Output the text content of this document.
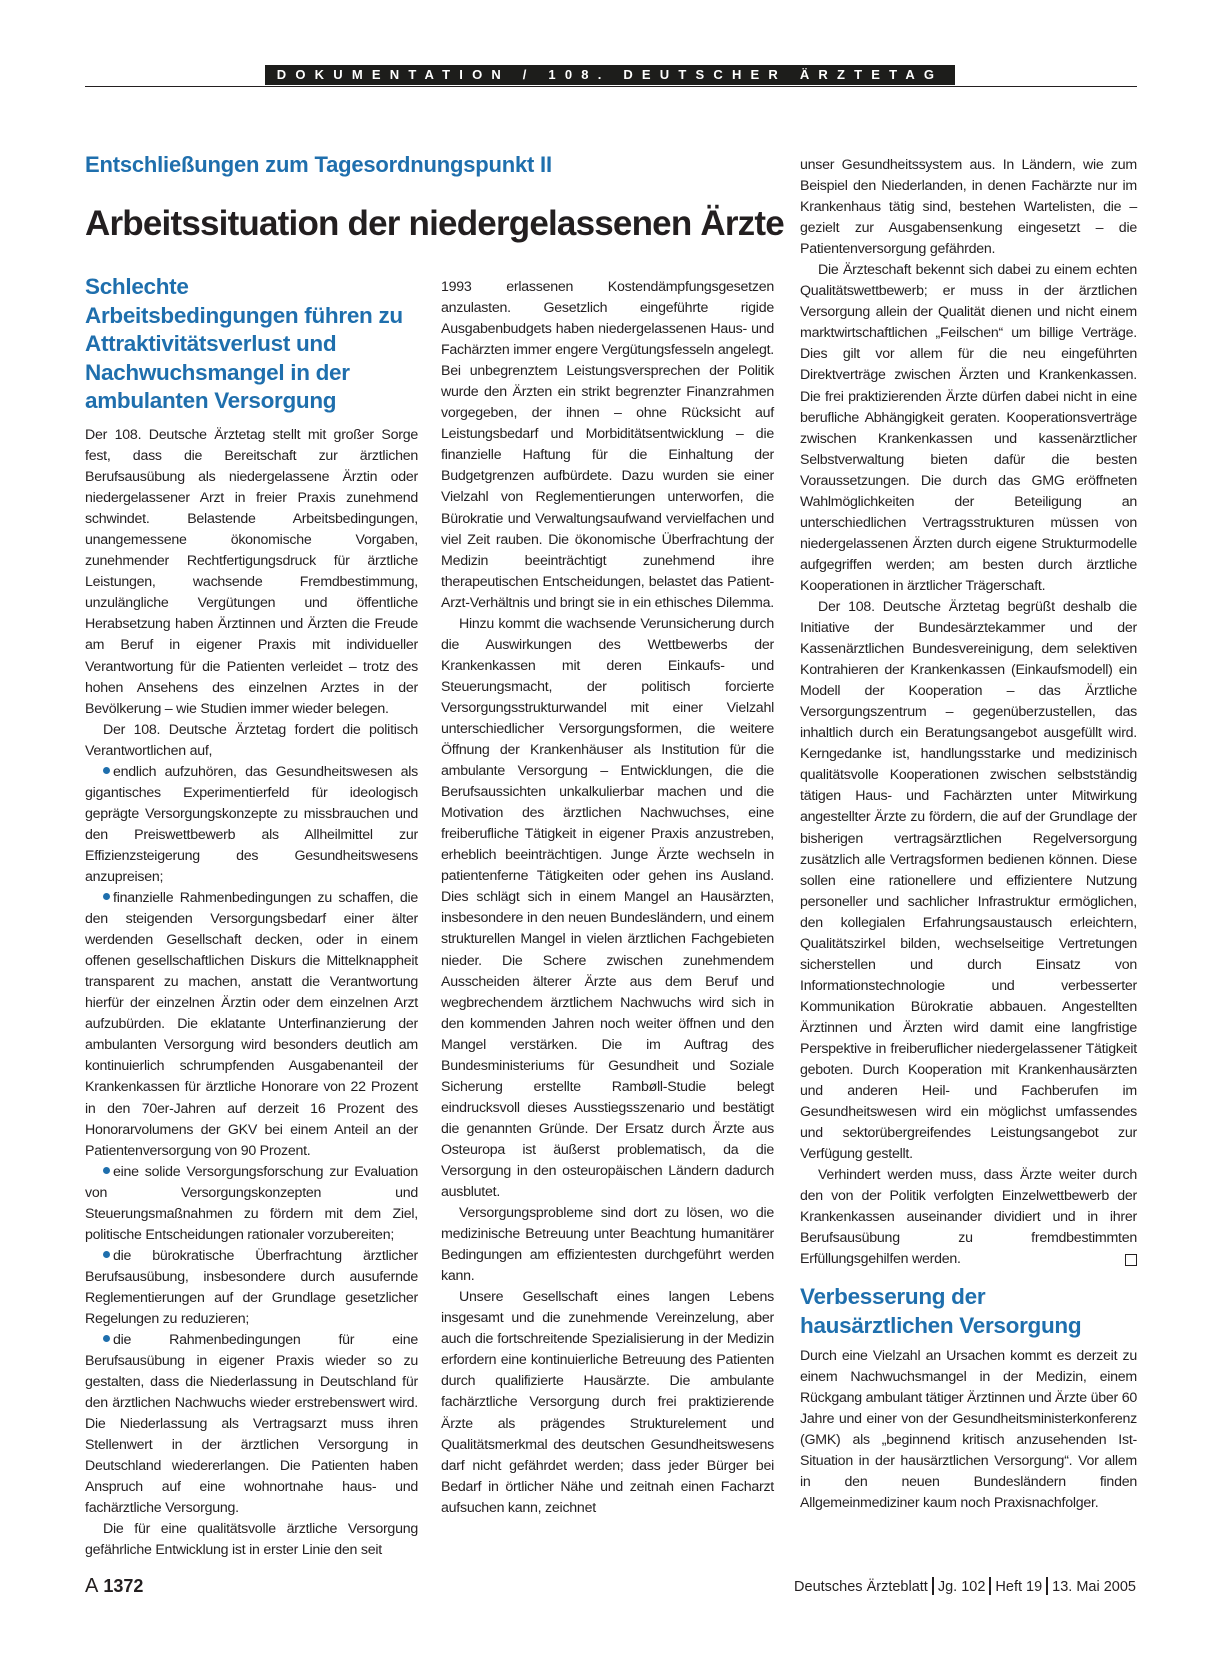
DOKUMENTATION / 108. DEUTSCHER ÄRZTETAG
Entschließungen zum Tagesordnungspunkt II
Arbeitssituation der niedergelassenen Ärzte
Schlechte Arbeitsbedingungen führen zu Attraktivitätsverlust und Nachwuchsmangel in der ambulanten Versorgung

Der 108. Deutsche Ärztetag stellt mit großer Sorge fest, dass die Bereitschaft zur ärztlichen Berufsausübung als niedergelassene Ärztin oder niedergelassener Arzt in freier Praxis zunehmend schwindet. Belastende Arbeitsbedingungen, unangemessene ökonomische Vorgaben, zunehmender Rechtfertigungsdruck für ärztliche Leistungen, wachsende Fremdbestimmung, unzulängliche Vergütungen und öffentliche Herabsetzung haben Ärztinnen und Ärzten die Freude am Beruf in eigener Praxis mit individueller Verantwortung für die Patienten verleidet – trotz des hohen Ansehens des einzelnen Arztes in der Bevölkerung – wie Studien immer wieder belegen.

Der 108. Deutsche Ärztetag fordert die politisch Verantwortlichen auf,

endlich aufzuhören, das Gesundheitswesen als gigantisches Experimentierfeld für ideologisch geprägte Versorgungskonzepte zu missbrauchen und den Preiswettbewerb als Allheilmittel zur Effizienzsteigerung des Gesundheitswesens anzupreisen;

finanzielle Rahmenbedingungen zu schaffen, die den steigenden Versorgungsbedarf einer älter werdenden Gesellschaft decken, oder in einem offenen gesellschaftlichen Diskurs die Mittelknappheit transparent zu machen, anstatt die Verantwortung hierfür der einzelnen Ärztin oder dem einzelnen Arzt aufzubürden. Die eklatante Unterfinanzierung der ambulanten Versorgung wird besonders deutlich am kontinuierlich schrumpfenden Ausgabenanteil der Krankenkassen für ärztliche Honorare von 22 Prozent in den 70er-Jahren auf derzeit 16 Prozent des Honorarvolumens der GKV bei einem Anteil an der Patientenversorgung von 90 Prozent.

eine solide Versorgungsforschung zur Evaluation von Versorgungskonzepten und Steuerungsmaßnahmen zu fördern mit dem Ziel, politische Entscheidungen rationaler vorzubereiten;

die bürokratische Überfrachtung ärztlicher Berufsausübung, insbesondere durch ausufernde Reglementierungen auf der Grundlage gesetzlicher Regelungen zu reduzieren;

die Rahmenbedingungen für eine Berufsausübung in eigener Praxis wieder so zu gestalten, dass die Niederlassung in Deutschland für den ärztlichen Nachwuchs wieder erstrebenswert wird. Die Niederlassung als Vertragsarzt muss ihren Stellenwert in der ärztlichen Versorgung in Deutschland wiedererlangen. Die Patienten haben Anspruch auf eine wohnortnahe haus- und fachärztliche Versorgung.

Die für eine qualitätsvolle ärztliche Versorgung gefährliche Entwicklung ist in erster Linie den seit

1993 erlassenen Kostendämpfungsgesetzen anzulasten. Gesetzlich eingeführte rigide Ausgabenbudgets haben niedergelassenen Haus- und Fachärzten immer engere Vergütungsfesseln angelegt. Bei unbegrenztem Leistungsversprechen der Politik wurde den Ärzten ein strikt begrenzter Finanzrahmen vorgegeben, der ihnen – ohne Rücksicht auf Leistungsbedarf und Morbiditätsentwicklung – die finanzielle Haftung für die Einhaltung der Budgetgrenzen aufbürdete. Dazu wurden sie einer Vielzahl von Reglementierungen unterworfen, die Bürokratie und Verwaltungsaufwand vervielfachen und viel Zeit rauben. Die ökonomische Überfrachtung der Medizin beeinträchtigt zunehmend ihre therapeutischen Entscheidungen, belastet das Patient-Arzt-Verhältnis und bringt sie in ein ethisches Dilemma.

Hinzu kommt die wachsende Verunsicherung durch die Auswirkungen des Wettbewerbs der Krankenkassen mit deren Einkaufs- und Steuerungsmacht, der politisch forcierte Versorgungsstrukturwandel mit einer Vielzahl unterschiedlicher Versorgungsformen, die weitere Öffnung der Krankenhäuser als Institution für die ambulante Versorgung – Entwicklungen, die die Berufsaussichten unkalkulierbar machen und die Motivation des ärztlichen Nachwuchses, eine freiberufliche Tätigkeit in eigener Praxis anzustreben, erheblich beeinträchtigen. Junge Ärzte wechseln in patientenferne Tätigkeiten oder gehen ins Ausland. Dies schlägt sich in einem Mangel an Hausärzten, insbesondere in den neuen Bundesländern, und einem strukturellen Mangel in vielen ärztlichen Fachgebieten nieder. Die Schere zwischen zunehmendem Ausscheiden älterer Ärzte aus dem Beruf und wegbrechendem ärztlichem Nachwuchs wird sich in den kommenden Jahren noch weiter öffnen und den Mangel verstärken. Die im Auftrag des Bundesministeriums für Gesundheit und Soziale Sicherung erstellte Rambøll-Studie belegt eindrucksvoll dieses Ausstiegsszenario und bestätigt die genannten Gründe. Der Ersatz durch Ärzte aus Osteuropa ist äußerst problematisch, da die Versorgung in den osteuropäischen Ländern dadurch ausblutet.

Versorgungsprobleme sind dort zu lösen, wo die medizinische Betreuung unter Beachtung humanitärer Bedingungen am effizientesten durchgeführt werden kann.

Unsere Gesellschaft eines langen Lebens insgesamt und die zunehmende Vereinzelung, aber auch die fortschreitende Spezialisierung in der Medizin erfordern eine kontinuierliche Betreuung des Patienten durch qualifizierte Hausärzte. Die ambulante fachärztliche Versorgung durch frei praktizierende Ärzte als prägendes Strukturelement und Qualitätsmerkmal des deutschen Gesundheitswesens darf nicht gefährdet werden; dass jeder Bürger bei Bedarf in örtlicher Nähe und zeitnah einen Facharzt aufsuchen kann, zeichnet

unser Gesundheitssystem aus. In Ländern, wie zum Beispiel den Niederlanden, in denen Fachärzte nur im Krankenhaus tätig sind, bestehen Wartelisten, die – gezielt zur Ausgabensenkung eingesetzt – die Patientenversorgung gefährden.

Die Ärzteschaft bekennt sich dabei zu einem echten Qualitätswettbewerb; er muss in der ärztlichen Versorgung allein der Qualität dienen und nicht einem marktwirtschaftlichen „Feilschen“ um billige Verträge. Dies gilt vor allem für die neu eingeführten Direktverträge zwischen Ärzten und Krankenkassen. Die frei praktizierenden Ärzte dürfen dabei nicht in eine berufliche Abhängigkeit geraten. Kooperationsverträge zwischen Krankenkassen und kassenärztlicher Selbstverwaltung bieten dafür die besten Voraussetzungen. Die durch das GMG eröffneten Wahlmöglichkeiten der Beteiligung an unterschiedlichen Vertragsstrukturen müssen von niedergelassenen Ärzten durch eigene Strukturmodelle aufgegriffen werden; am besten durch ärztliche Kooperationen in ärztlicher Trägerschaft.

Der 108. Deutsche Ärztetag begrüßt deshalb die Initiative der Bundesärztekammer und der Kassenärztlichen Bundesvereinigung, dem selektiven Kontrahieren der Krankenkassen (Einkaufsmodell) ein Modell der Kooperation – das Ärztliche Versorgungszentrum – gegenüberzustellen, das inhaltlich durch ein Beratungsangebot ausgefüllt wird. Kerngedanke ist, handlungsstarke und medizinisch qualitätsvolle Kooperationen zwischen selbstständig tätigen Haus- und Fachärzten unter Mitwirkung angestellter Ärzte zu fördern, die auf der Grundlage der bisherigen vertragsärztlichen Regelversorgung zusätzlich alle Vertragsformen bedienen können. Diese sollen eine rationellere und effizientere Nutzung personeller und sachlicher Infrastruktur ermöglichen, den kollegialen Erfahrungsaustausch erleichtern, Qualitätszirkel bilden, wechselseitige Vertretungen sicherstellen und durch Einsatz von Informationstechnologie und verbesserter Kommunikation Bürokratie abbauen. Angestellten Ärztinnen und Ärzten wird damit eine langfristige Perspektive in freiberuflicher niedergelassener Tätigkeit geboten. Durch Kooperation mit Krankenhausärzten und anderen Heil- und Fachberufen im Gesundheitswesen wird ein möglichst umfassendes und sektorübergreifendes Leistungsangebot zur Verfügung gestellt.

Verhindert werden muss, dass Ärzte weiter durch den von der Politik verfolgten Einzelwettbewerb der Krankenkassen auseinander dividiert und in ihrer Berufsausübung zu fremdbestimmten Erfüllungsgehilfen werden.

Verbesserung der hausärztlichen Versorgung

Durch eine Vielzahl an Ursachen kommt es derzeit zu einem Nachwuchsmangel in der Medizin, einem Rückgang ambulant tätiger Ärztinnen und Ärzte über 60 Jahre und einer von der Gesundheitsministerkonferenz (GMK) als „beginnend kritisch anzusehenden Ist-Situation in der hausärztlichen Versorgung“. Vor allem in den neuen Bundesländern finden Allgemeinmediziner kaum noch Praxisnachfolger.

A 1372	Deutsches Ärzteblatt Jg. 102 Heft 19 13. Mai 2005
